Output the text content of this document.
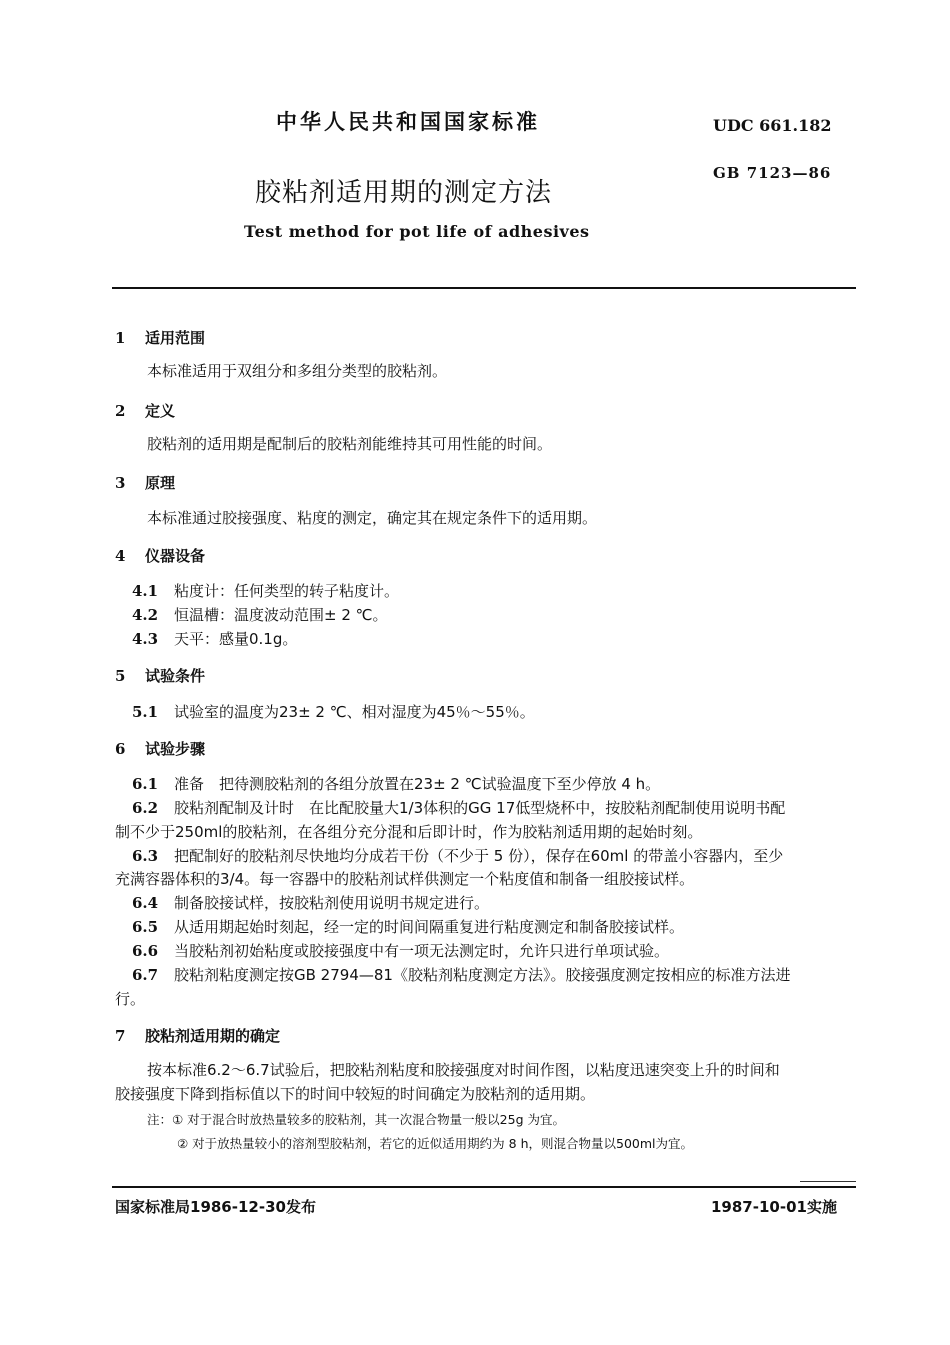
中华人民共和国国家标准	UDC 661.182
GB 7123—86
胶粘剂适用期的测定方法
Test method for pot life of adhesives
1 适用范围
本标准适用于双组分和多组分类型的胶粘剂。
2 定义
胶粘剂的适用期是配制后的胶粘剂能维持其可用性能的时间。
3 原理
本标准通过胶接强度、粘度的测定，确定其在规定条件下的适用期。
4 仪器设备
4.1 粘度计：任何类型的转子粘度计。
4.2 恒温槽：温度波动范围± 2 ℃。
4.3 天平：感量0.1g。
5 试验条件
5.1 试验室的温度为23± 2 ℃、相对湿度为45％～55％。
6 试验步骤
6.1 准备　把待测胶粘剂的各组分放置在23± 2 ℃试验温度下至少停放 4 h。
6.2 胶粘剂配制及计时　在比配胶量大1/3体积的GG 17低型烧杯中，按胶粘剂配制使用说明书配
制不少于250ml的胶粘剂，在各组分充分混和后即计时，作为胶粘剂适用期的起始时刻。
6.3 把配制好的胶粘剂尽快地均分成若干份（不少于 5 份），保存在60ml 的带盖小容器内，至少
充满容器体积的3/4。每一容器中的胶粘剂试样供测定一个粘度值和制备一组胶接试样。
6.4 制备胶接试样，按胶粘剂使用说明书规定进行。
6.5 从适用期起始时刻起，经一定的时间间隔重复进行粘度测定和制备胶接试样。
6.6 当胶粘剂初始粘度或胶接强度中有一项无法测定时，允许只进行单项试验。
6.7 胶粘剂粘度测定按GB 2794—81《胶粘剂粘度测定方法》。胶接强度测定按相应的标准方法进
行。
7 胶粘剂适用期的确定
按本标准6.2～6.7试验后，把胶粘剂粘度和胶接强度对时间作图，以粘度迅速突变上升的时间和
胶接强度下降到指标值以下的时间中较短的时间确定为胶粘剂的适用期。
注：① 对于混合时放热量较多的胶粘剂，其一次混合物量一般以25g 为宜。
② 对于放热量较小的溶剂型胶粘剂，若它的近似适用期约为 8 h，则混合物量以500ml为宜。
国家标准局1986-12-30发布	1987-10-01实施
